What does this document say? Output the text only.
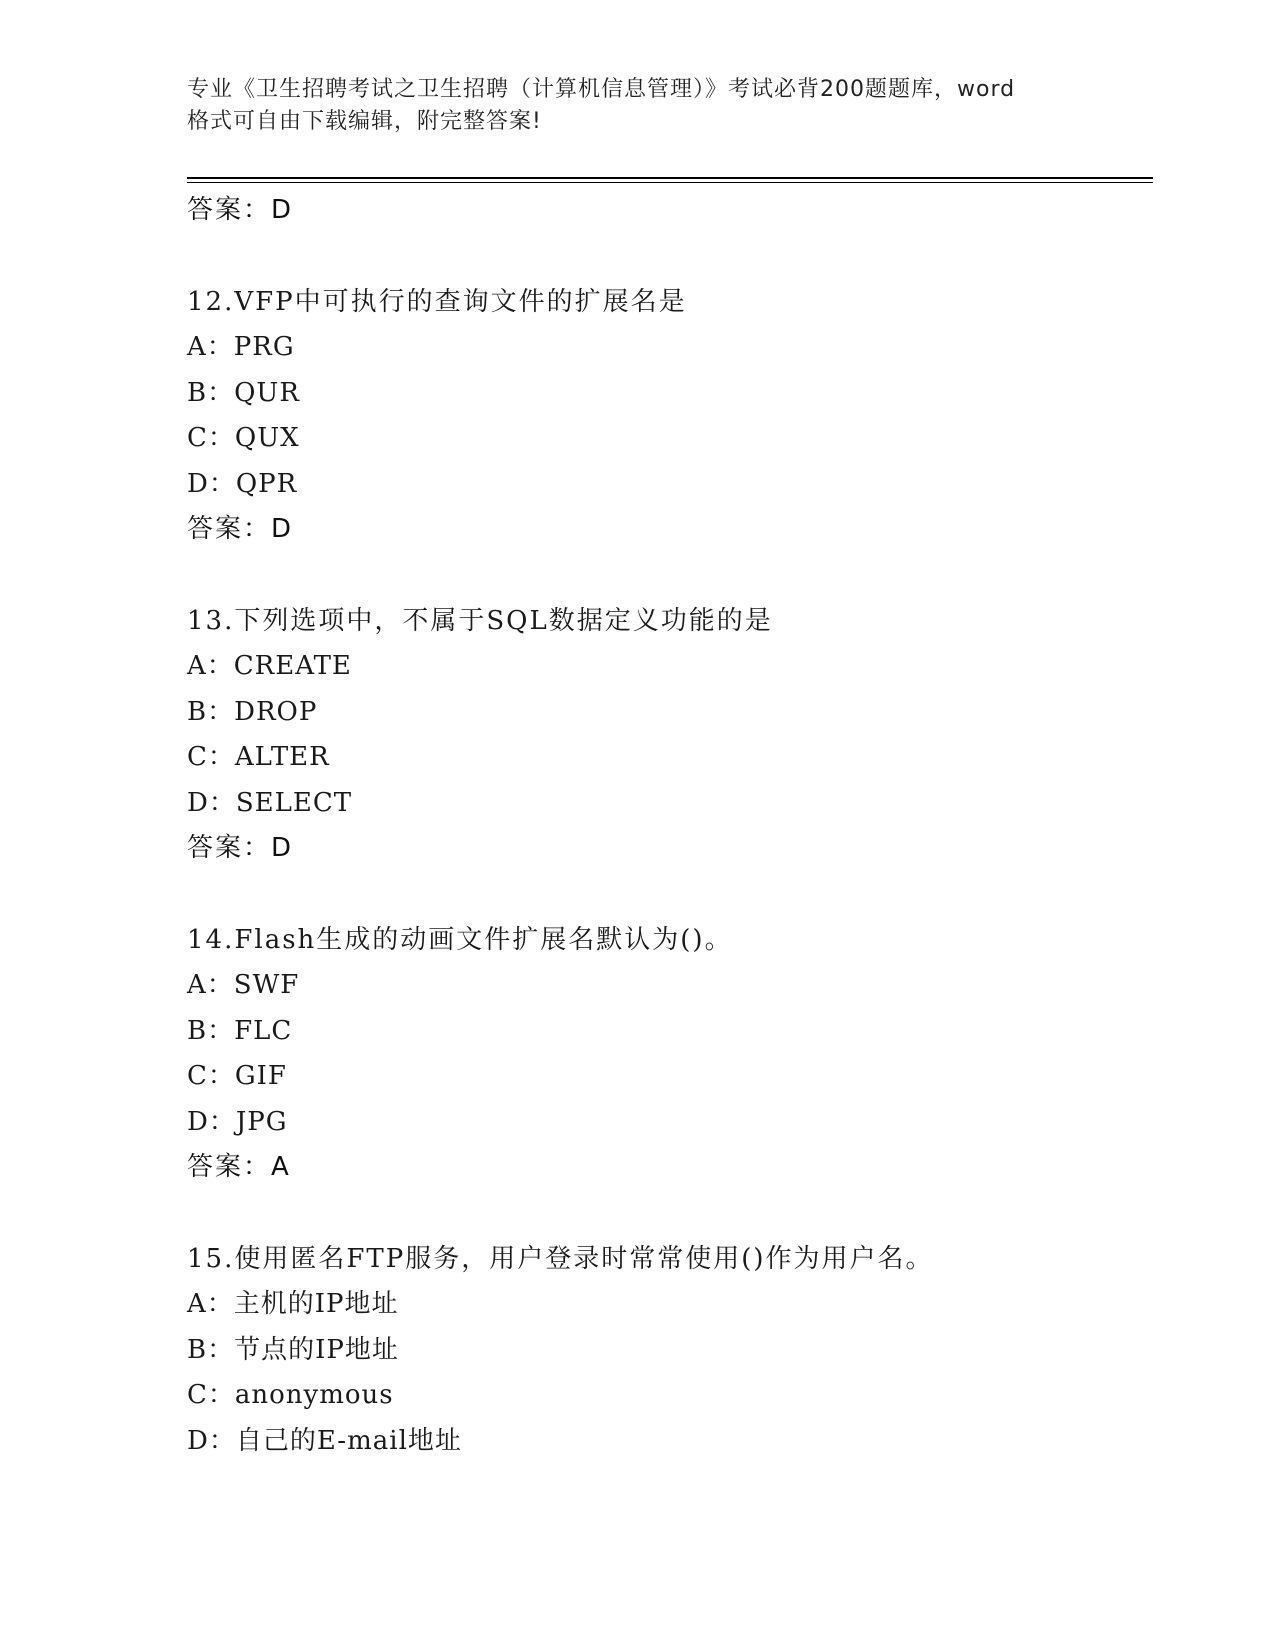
专业《卫生招聘考试之卫生招聘（计算机信息管理）》考试必背200题题库，word
格式可自由下载编辑，附完整答案!
答案：D
12.VFP中可执行的查询文件的扩展名是
A：PRG
B：QUR
C：QUX
D：QPR
答案：D
13.下列选项中，不属于SQL数据定义功能的是
A：CREATE
B：DROP
C：ALTER
D：SELECT
答案：D
14.Flash生成的动画文件扩展名默认为()。
A：SWF
B：FLC
C：GIF
D：JPG
答案：A
15.使用匿名FTP服务，用户登录时常常使用()作为用户名。
A：主机的IP地址
B：节点的IP地址
C：anonymous
D：自己的E-mail地址
